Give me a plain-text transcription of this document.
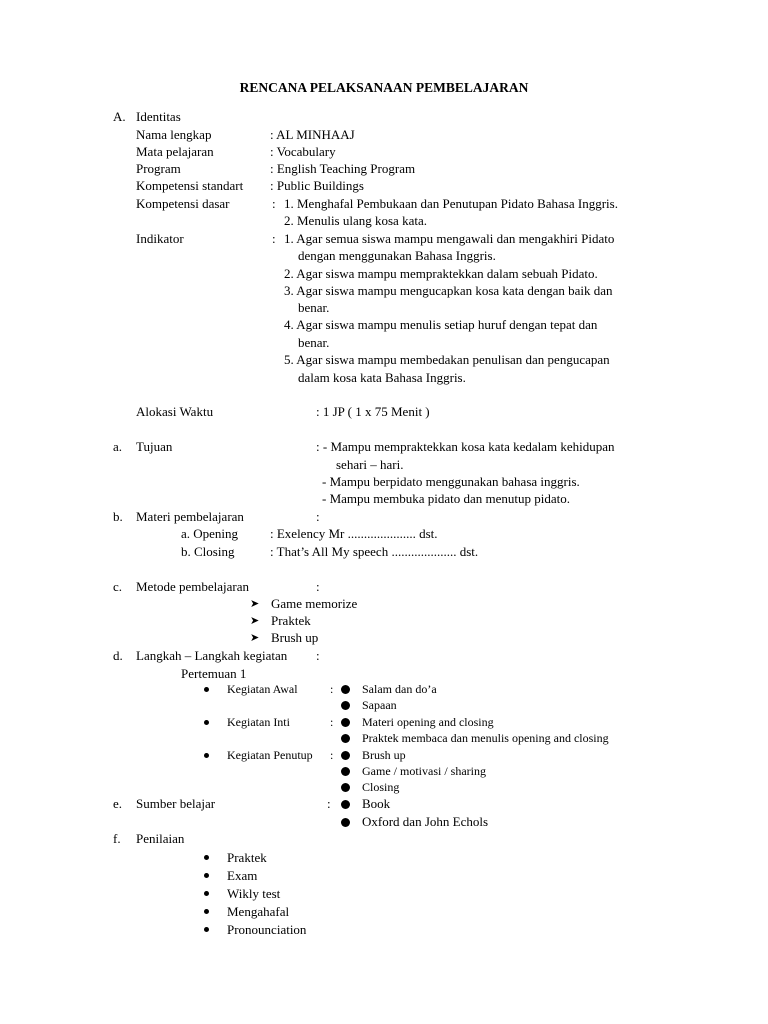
RENCANA PELAKSANAAN PEMBELAJARAN
A. Identitas
Nama lengkap	: AL MINHAAJ
Mata pelajaran	: Vocabulary
Program	: English Teaching Program
Kompetensi standart : Public Buildings
Kompetensi dasar	: 1. Menghafal Pembukaan dan Penutupan Pidato Bahasa Inggris.
2. Menulis ulang kosa kata.
Indikator	: 1. Agar semua siswa mampu mengawali dan mengakhiri Pidato
dengan menggunakan Bahasa Inggris.
2. Agar siswa mampu mempraktekkan dalam sebuah Pidato.
3. Agar siswa mampu mengucapkan kosa kata dengan baik dan
benar.
4. Agar siswa mampu menulis setiap huruf dengan tepat dan
benar.
5. Agar siswa mampu membedakan penulisan dan pengucapan
dalam kosa kata Bahasa Inggris.
Alokasi Waktu	: 1 JP ( 1 x 75 Menit )
a. Tujuan	: - Mampu mempraktekkan kosa kata kedalam kehidupan
sehari – hari.
- Mampu berpidato menggunakan bahasa inggris.
- Mampu membuka pidato dan menutup pidato.
b. Materi pembelajaran	:
a. Opening : Exelency Mr ..................... dst.
b. Closing	: That’s All My speech .................... dst.
c. Metode pembelajaran	:
➤ Game memorize
➤ Praktek
➤ Brush up
d. Langkah – Langkah kegiatan :
Pertemuan 1
Kegiatan Awal	: Salam dan do’a
Sapaan
Kegiatan Inti	: Materi opening and closing
Praktek membaca dan menulis opening and closing
Kegiatan Penutup : Brush up
Game / motivasi / sharing
Closing
e. Sumber belajar	: Book
Oxford dan John Echols
f. Penilaian
Praktek
Exam
Wikly test
Mengahafal
Pronounciation
